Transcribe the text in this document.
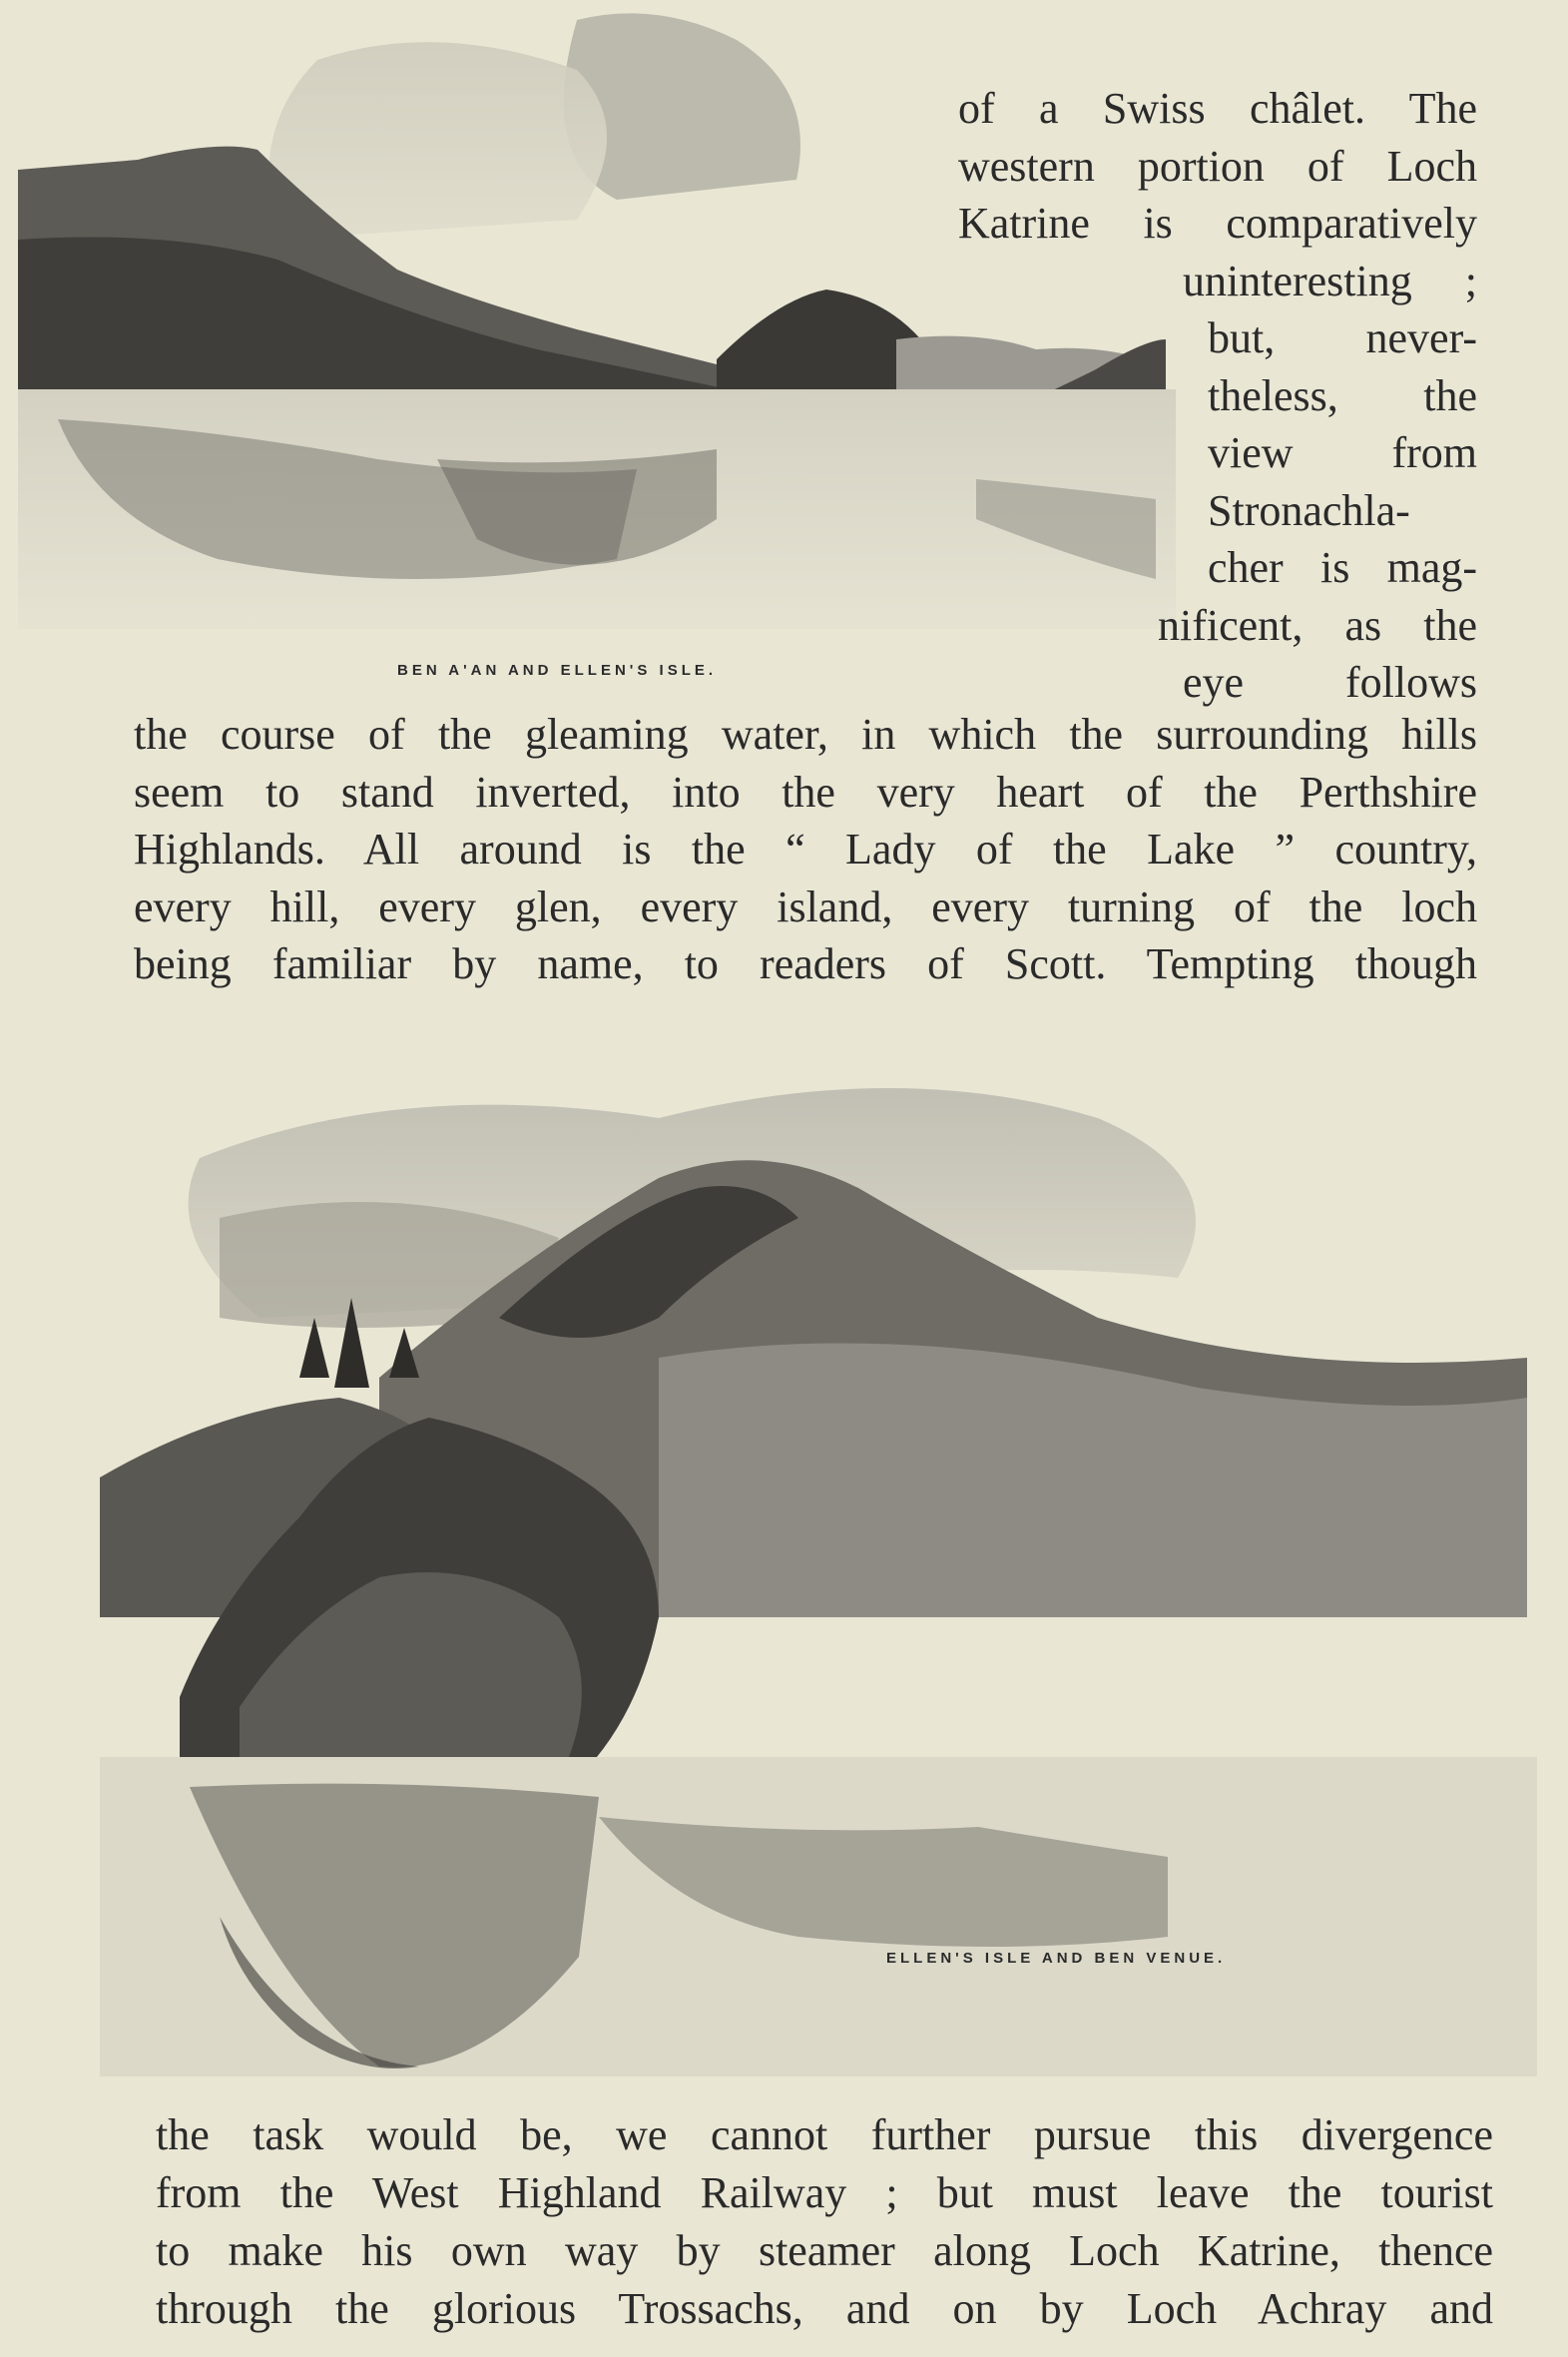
of a Swiss châlet. The
western portion of Loch
Katrine is comparatively
uninteresting ;
but, never-
theless, the
view from
Stronachla-
cher is mag-
nificent, as the
eye follows
BEN A'AN AND ELLEN'S ISLE.
the course of the gleaming water, in which the surrounding hills
seem to stand inverted, into the very heart of the Perthshire
Highlands. All around is the “ Lady of the Lake ” country,
every hill, every glen, every island, every turning of the loch
being familiar by name, to readers of Scott. Tempting though
ELLEN'S ISLE AND BEN VENUE.
the task would be, we cannot further pursue this divergence
from the West Highland Railway ; but must leave the tourist
to make his own way by steamer along Loch Katrine, thence
through the glorious Trossachs, and on by Loch Achray and
